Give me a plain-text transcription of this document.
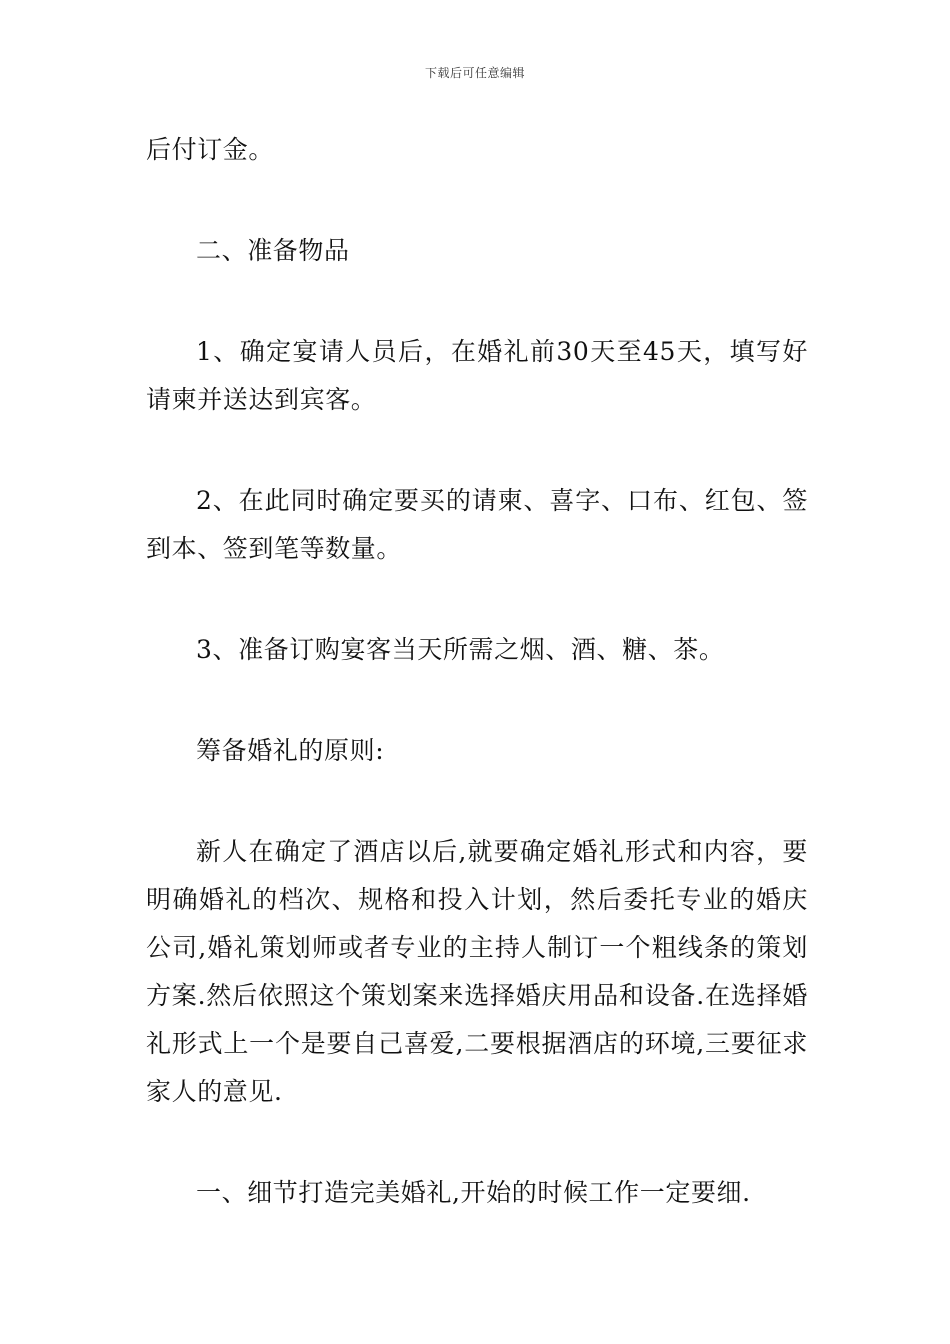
下载后可任意编辑

后付订金。

二、准备物品

1、确定宴请人员后，在婚礼前30天至45天，填写好请柬并送达到宾客。

2、在此同时确定要买的请柬、喜字、口布、红包、签到本、签到笔等数量。

3、准备订购宴客当天所需之烟、酒、糖、茶。

筹备婚礼的原则:

新人在确定了酒店以后,就要确定婚礼形式和内容，要明确婚礼的档次、规格和投入计划，然后委托专业的婚庆公司,婚礼策划师或者专业的主持人制订一个粗线条的策划方案.然后依照这个策划案来选择婚庆用品和设备.在选择婚礼形式上一个是要自己喜爱,二要根据酒店的环境,三要征求家人的意见.

一、细节打造完美婚礼,开始的时候工作一定要细.
